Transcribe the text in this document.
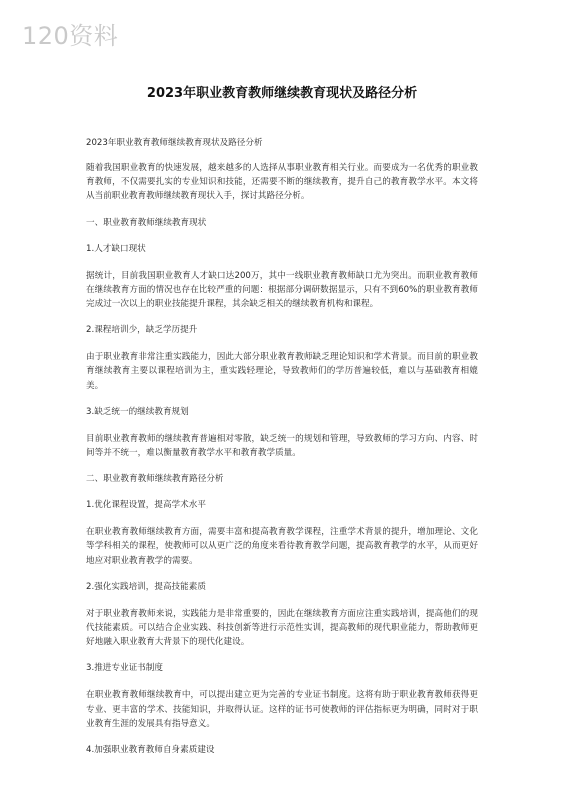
120资料
2023年职业教育教师继续教育现状及路径分析
2023年职业教育教师继续教育现状及路径分析
随着我国职业教育的快速发展，越来越多的人选择从事职业教育相关行业。而要成为一名优秀的职业教育教师，不仅需要扎实的专业知识和技能，还需要不断的继续教育，提升自己的教育教学水平。本文将从当前职业教育教师继续教育现状入手，探讨其路径分析。
一、职业教育教师继续教育现状
1.人才缺口现状
据统计，目前我国职业教育人才缺口达200万，其中一线职业教育教师缺口尤为突出。而职业教育教师在继续教育方面的情况也存在比较严重的问题：根据部分调研数据显示，只有不到60%的职业教育教师完成过一次以上的职业技能提升课程，其余缺乏相关的继续教育机构和课程。
2.课程培训少，缺乏学历提升
由于职业教育非常注重实践能力，因此大部分职业教育教师缺乏理论知识和学术背景。而目前的职业教育继续教育主要以课程培训为主，重实践轻理论，导致教师们的学历普遍较低，难以与基础教育相媲美。
3.缺乏统一的继续教育规划
目前职业教育教师的继续教育普遍相对零散，缺乏统一的规划和管理，导致教师的学习方向、内容、时间等并不统一，难以衡量教育教学水平和教育教学质量。
二、职业教育教师继续教育路径分析
1.优化课程设置，提高学术水平
在职业教育教师继续教育方面，需要丰富和提高教育教学课程，注重学术背景的提升，增加理论、文化等学科相关的课程，使教师可以从更广泛的角度来看待教育教学问题，提高教育教学的水平，从而更好地应对职业教育教学的需要。
2.强化实践培训，提高技能素质
对于职业教育教师来说，实践能力是非常重要的，因此在继续教育方面应注重实践培训，提高他们的现代技能素质。可以结合企业实践、科技创新等进行示范性实训，提高教师的现代职业能力，帮助教师更好地融入职业教育大背景下的现代化建设。
3.推进专业证书制度
在职业教育教师继续教育中，可以提出建立更为完善的专业证书制度。这将有助于职业教育教师获得更专业、更丰富的学术、技能知识，并取得认证。这样的证书可使教师的评估指标更为明确，同时对于职业教育生涯的发展具有指导意义。
4.加强职业教育教师自身素质建设
